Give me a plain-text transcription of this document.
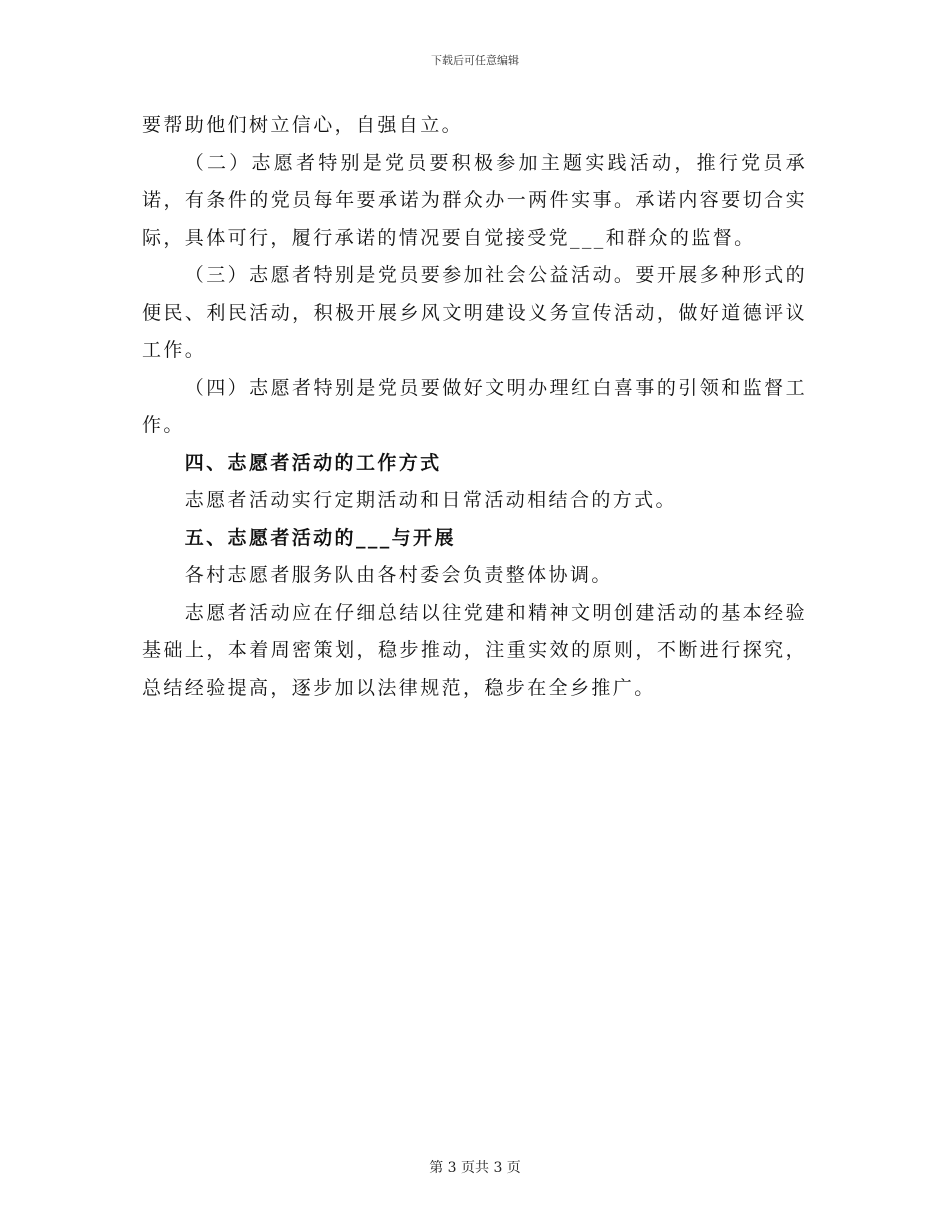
下载后可任意编辑

要帮助他们树立信心，自强自立。

（二）志愿者特别是党员要积极参加主题实践活动，推行党员承诺，有条件的党员每年要承诺为群众办一两件实事。承诺内容要切合实际，具体可行，履行承诺的情况要自觉接受党___和群众的监督。

（三）志愿者特别是党员要参加社会公益活动。要开展多种形式的便民、利民活动，积极开展乡风文明建设义务宣传活动，做好道德评议工作。

（四）志愿者特别是党员要做好文明办理红白喜事的引领和监督工作。

四、志愿者活动的工作方式

志愿者活动实行定期活动和日常活动相结合的方式。

五、志愿者活动的___与开展

各村志愿者服务队由各村委会负责整体协调。

志愿者活动应在仔细总结以往党建和精神文明创建活动的基本经验基础上，本着周密策划，稳步推动，注重实效的原则，不断进行探究，总结经验提高，逐步加以法律规范，稳步在全乡推广。

第 3 页共 3 页
